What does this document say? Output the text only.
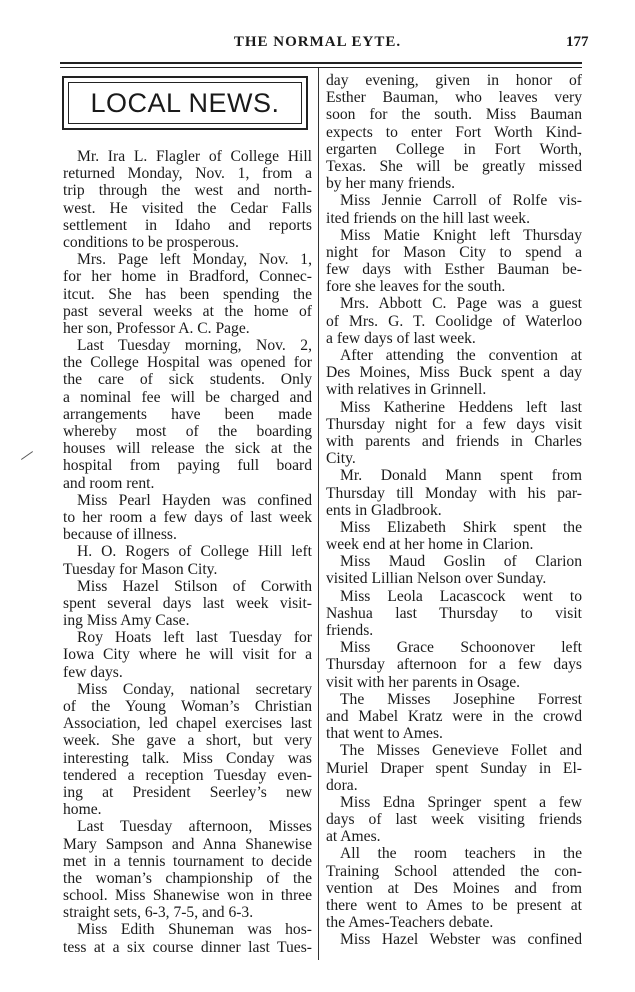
THE NORMAL EYTE.	177
LOCAL NEWS.
Mr. Ira L. Flagler of College Hill
returned Monday, Nov. 1, from a
trip through the west and north-
west. He visited the Cedar Falls
settlement in Idaho and reports
conditions to be prosperous.
Mrs. Page left Monday, Nov. 1,
for her home in Bradford, Connec-
itcut. She has been spending the
past several weeks at the home of
her son, Professor A. C. Page.
Last Tuesday morning, Nov. 2,
the College Hospital was opened for
the care of sick students. Only
a nominal fee will be charged and
arrangements have been made
whereby most of the boarding
houses will release the sick at the
hospital from paying full board
and room rent.
Miss Pearl Hayden was confined
to her room a few days of last week
because of illness.
H. O. Rogers of College Hill left
Tuesday for Mason City.
Miss Hazel Stilson of Corwith
spent several days last week visit-
ing Miss Amy Case.
Roy Hoats left last Tuesday for
Iowa City where he will visit for a
few days.
Miss Conday, national secretary
of the Young Woman’s Christian
Association, led chapel exercises last
week. She gave a short, but very
interesting talk. Miss Conday was
tendered a reception Tuesday even-
ing at President Seerley’s new
home.
Last Tuesday afternoon, Misses
Mary Sampson and Anna Shanewise
met in a tennis tournament to decide
the woman’s championship of the
school. Miss Shanewise won in three
straight sets, 6-3, 7-5, and 6-3.
Miss Edith Shuneman was hos-
tess at a six course dinner last Tues-
day evening, given in honor of
Esther Bauman, who leaves very
soon for the south. Miss Bauman
expects to enter Fort Worth Kind-
ergarten College in Fort Worth,
Texas. She will be greatly missed
by her many friends.
Miss Jennie Carroll of Rolfe vis-
ited friends on the hill last week.
Miss Matie Knight left Thursday
night for Mason City to spend a
few days with Esther Bauman be-
fore she leaves for the south.
Mrs. Abbott C. Page was a guest
of Mrs. G. T. Coolidge of Waterloo
a few days of last week.
After attending the convention at
Des Moines, Miss Buck spent a day
with relatives in Grinnell.
Miss Katherine Heddens left last
Thursday night for a few days visit
with parents and friends in Charles
City.
Mr. Donald Mann spent from
Thursday till Monday with his par-
ents in Gladbrook.
Miss Elizabeth Shirk spent the
week end at her home in Clarion.
Miss Maud Goslin of Clarion
visited Lillian Nelson over Sunday.
Miss Leola Lacascock went to
Nashua last Thursday to visit
friends.
Miss Grace Schoonover left
Thursday afternoon for a few days
visit with her parents in Osage.
The Misses Josephine Forrest
and Mabel Kratz were in the crowd
that went to Ames.
The Misses Genevieve Follet and
Muriel Draper spent Sunday in El-
dora.
Miss Edna Springer spent a few
days of last week visiting friends
at Ames.
All the room teachers in the
Training School attended the con-
vention at Des Moines and from
there went to Ames to be present at
the Ames-Teachers debate.
Miss Hazel Webster was confined
